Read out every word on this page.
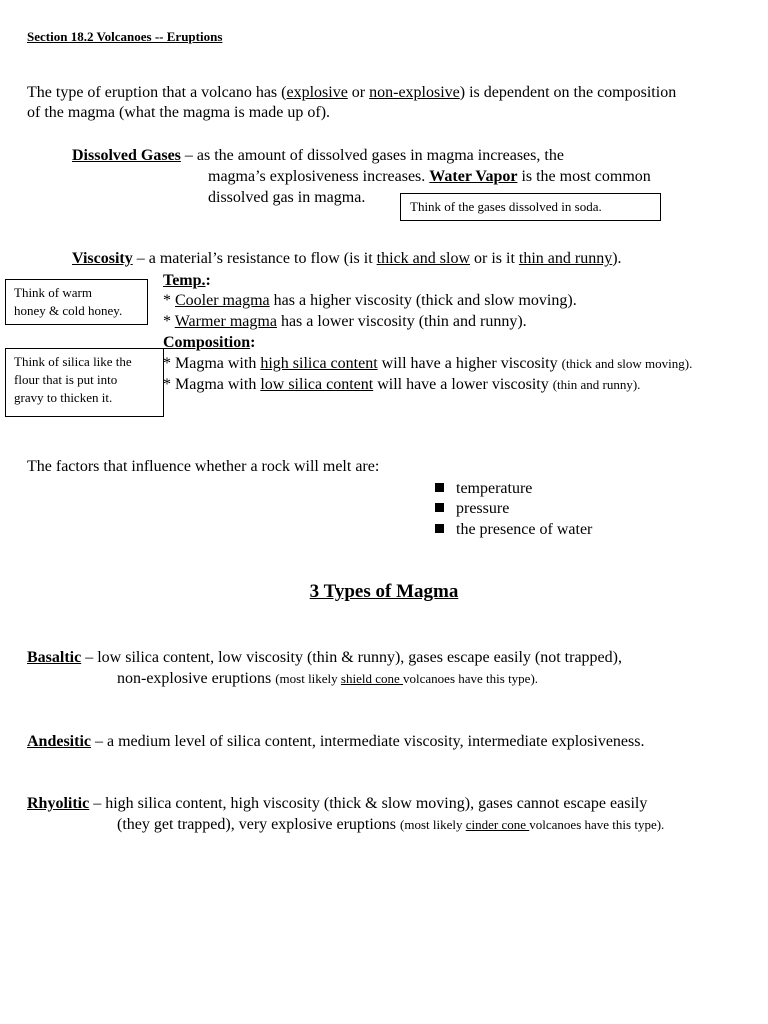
Section 18.2 Volcanoes -- Eruptions
The type of eruption that a volcano has (explosive or non-explosive) is dependent on the composition
of the magma (what the magma is made up of).
Dissolved Gases – as the amount of dissolved gases in magma increases, the
magma’s explosiveness increases. Water Vapor is the most common
dissolved gas in magma.
Think of the gases dissolved in soda.
Viscosity – a material’s resistance to flow (is it thick and slow or is it thin and runny).
Think of warm
honey & cold honey.
Temp.:
* Cooler magma has a higher viscosity (thick and slow moving).
* Warmer magma has a lower viscosity (thin and runny).
Think of silica like the
flour that is put into
gravy to thicken it.
Composition:
* Magma with high silica content will have a higher viscosity (thick and slow moving).
* Magma with low silica content will have a lower viscosity (thin and runny).
The factors that influence whether a rock will melt are:
temperature
pressure
the presence of water
3 Types of Magma
Basaltic – low silica content, low viscosity (thin & runny), gases escape easily (not trapped),
non-explosive eruptions (most likely shield cone volcanoes have this type).
Andesitic – a medium level of silica content, intermediate viscosity, intermediate explosiveness.
Rhyolitic – high silica content, high viscosity (thick & slow moving), gases cannot escape easily
(they get trapped), very explosive eruptions (most likely cinder cone volcanoes have this type).
